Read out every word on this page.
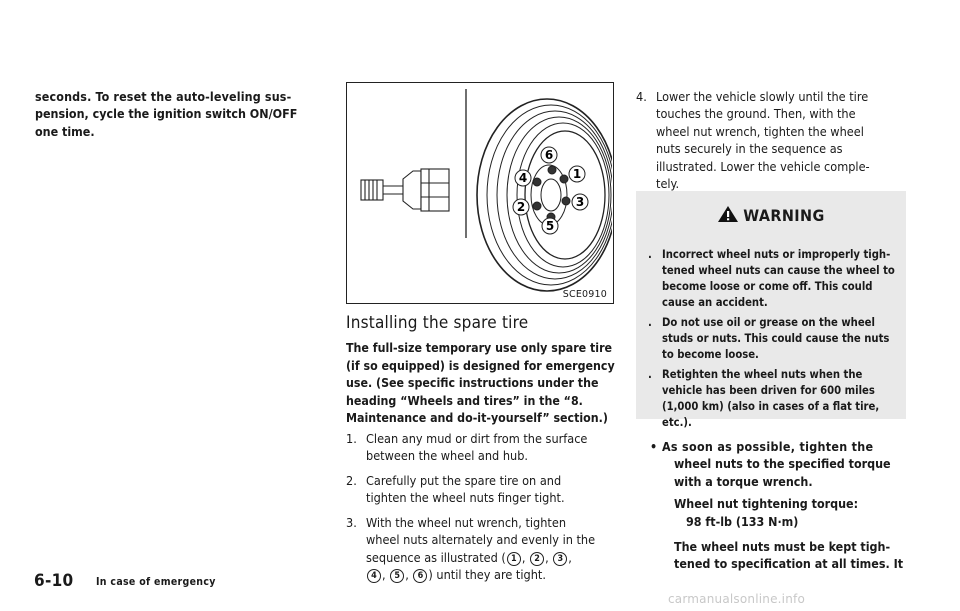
seconds. To reset the auto-leveling sus-
pension, cycle the ignition switch ON/OFF
one time.
6
1
4
3
2
5
SCE0910
Installing the spare tire
The full-size temporary use only spare tire
(if so equipped) is designed for emergency
use. (See specific instructions under the
heading “Wheels and tires” in the “8.
Maintenance and do-it-yourself” section.)
1. Clean any mud or dirt from the surface
between the wheel and hub.
2. Carefully put the spare tire on and
tighten the wheel nuts finger tight.
3. With the wheel nut wrench, tighten
wheel nuts alternately and evenly in the
sequence as illustrated ( 1 , 2 , 3 ,
4 , 5 , 6 ) until they are tight.
4. Lower the vehicle slowly until the tire
touches the ground. Then, with the
wheel nut wrench, tighten the wheel
nuts securely in the sequence as
illustrated. Lower the vehicle comple-
tely.
WARNING
. Incorrect wheel nuts or improperly tigh-
tened wheel nuts can cause the wheel to
become loose or come off. This could
cause an accident.
. Do not use oil or grease on the wheel
studs or nuts. This could cause the nuts
to become loose.
. Retighten the wheel nuts when the
vehicle has been driven for 600 miles
(1,000 km) (also in cases of a flat tire,
etc.).
• As soon as possible, tighten the
wheel nuts to the specified torque
with a torque wrench.
Wheel nut tightening torque:
98 ft-lb (133 N·m)
The wheel nuts must be kept tigh-
tened to specification at all times. It
6-10 In case of emergency
carmanualsonline.info
